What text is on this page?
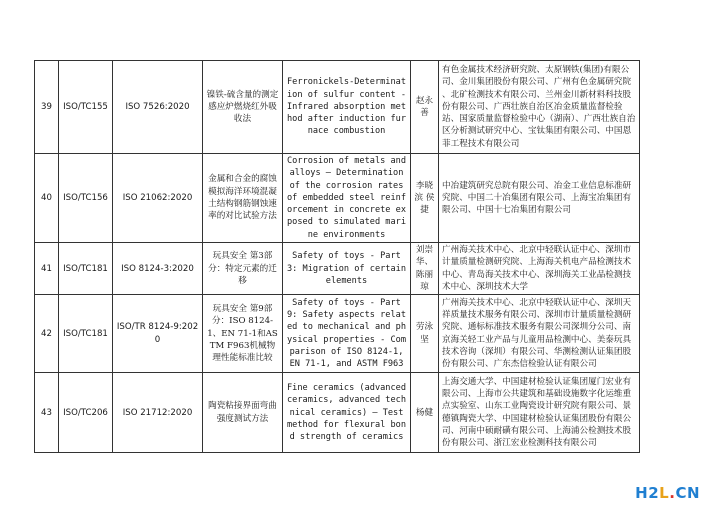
39	ISO/TC155	ISO 7526:2020	镍铁-硫含量的测定 感应炉燃烧红外吸收法	Ferronickels-Determination of sulfur content - Infrared absorption method after induction furnace combustion	赵永善	有色金属技术经济研究院、太原钢铁(集团)有限公司、金川集团股份有限公司、广州有色金属研究院 、北矿检测技术有限公司、兰州金川新材料科技股份有限公司、广西壮族自治区冶金质量监督检验站、国家质量监督检验中心（湖南）、广西壮族自治区分析测试研究中心、宝钛集团有限公司、中国恩菲工程技术有限公司
40	ISO/TC156	ISO 21062:2020	金属和合金的腐蚀 模拟海洋环境混凝土结构钢筋钢蚀速率的对比试验方法	Corrosion of metals and alloys — Determination of the corrosion rates of embedded steel reinforcement in concrete exposed to simulated marine environments	李晓滨 侯捷	中冶建筑研究总院有限公司、冶金工业信息标准研究院、中国二十冶集团有限公司、上海宝冶集团有限公司、中国十七冶集团有限公司
41	ISO/TC181	ISO 8124-3:2020	玩具安全 第3部分：特定元素的迁移	Safety of toys - Part 3: Migration of certain elements	刘崇华、陈丽琼	广州海关技术中心、北京中轻联认证中心、深圳市计量质量检测研究院、上海海关机电产品检测技术中心、青岛海关技术中心、深圳海关工业品检测技术中心、深圳技术大学
42	ISO/TC181	ISO/TR 8124-9:2020	玩具安全 第9部分：ISO 8124-1、EN 71-1和ASTM F963机械物理性能标准比较	Safety of toys - Part 9: Safety aspects related to mechanical and physical properties - Comparison of ISO 8124-1, EN 71-1, and ASTM F963	劳泳坚	广州海关技术中心、北京中轻联认证中心、深圳天祥质量技术服务有限公司、深圳市计量质量检测研究院、通标标准技术服务有限公司深圳分公司、南京海关轻工业产品与儿童用品检测中心、美泰玩具技术咨询（深圳）有限公司、华测检测认证集团股份有限公司、广东杰信检验认证有限公司
43	ISO/TC206	ISO 21712:2020	陶瓷粘接界面弯曲强度测试方法	Fine ceramics (advanced ceramics, advanced technical ceramics) — Test method for flexural bond strength of ceramics	杨健	上海交通大学、中国建材检验认证集团厦门宏业有限公司、上海市公共建筑和基础设施数字化运维重点实验室、山东工业陶瓷设计研究院有限公司、景德镇陶瓷大学、中国建材检验认证集团股份有限公司、河南中硕耐磺有限公司、上海浦公检测技术股份有限公司、浙江宏业检测科技有限公司
H2L.CN
